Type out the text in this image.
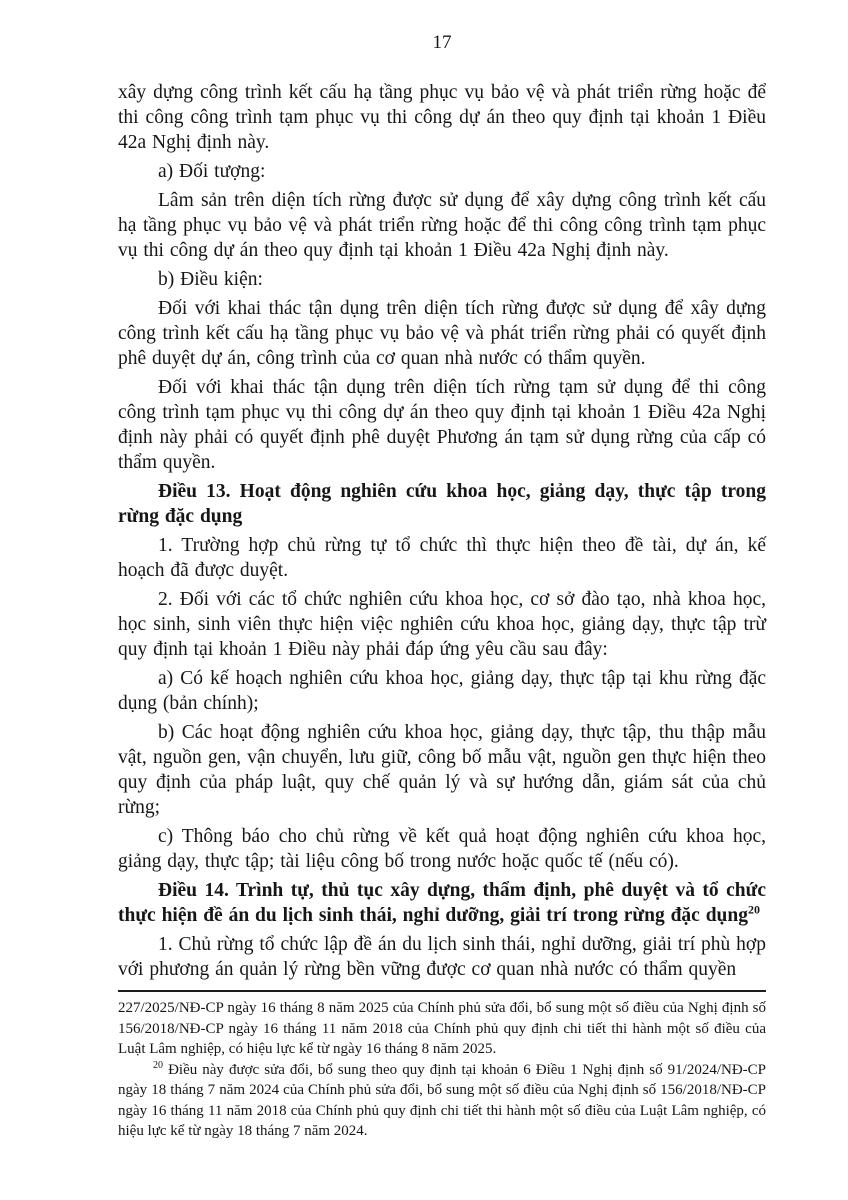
17

xây dựng công trình kết cấu hạ tầng phục vụ bảo vệ và phát triển rừng hoặc để thi công công trình tạm phục vụ thi công dự án theo quy định tại khoản 1 Điều 42a Nghị định này.

a) Đối tượng:

Lâm sản trên diện tích rừng được sử dụng để xây dựng công trình kết cấu hạ tầng phục vụ bảo vệ và phát triển rừng hoặc để thi công công trình tạm phục vụ thi công dự án theo quy định tại khoản 1 Điều 42a Nghị định này.

b) Điều kiện:

Đối với khai thác tận dụng trên diện tích rừng được sử dụng để xây dựng công trình kết cấu hạ tầng phục vụ bảo vệ và phát triển rừng phải có quyết định phê duyệt dự án, công trình của cơ quan nhà nước có thẩm quyền.

Đối với khai thác tận dụng trên diện tích rừng tạm sử dụng để thi công công trình tạm phục vụ thi công dự án theo quy định tại khoản 1 Điều 42a Nghị định này phải có quyết định phê duyệt Phương án tạm sử dụng rừng của cấp có thẩm quyền.

Điều 13. Hoạt động nghiên cứu khoa học, giảng dạy, thực tập trong rừng đặc dụng

1. Trường hợp chủ rừng tự tổ chức thì thực hiện theo đề tài, dự án, kế hoạch đã được duyệt.

2. Đối với các tổ chức nghiên cứu khoa học, cơ sở đào tạo, nhà khoa học, học sinh, sinh viên thực hiện việc nghiên cứu khoa học, giảng dạy, thực tập trừ quy định tại khoản 1 Điều này phải đáp ứng yêu cầu sau đây:

a) Có kế hoạch nghiên cứu khoa học, giảng dạy, thực tập tại khu rừng đặc dụng (bản chính);

b) Các hoạt động nghiên cứu khoa học, giảng dạy, thực tập, thu thập mẫu vật, nguồn gen, vận chuyển, lưu giữ, công bố mẫu vật, nguồn gen thực hiện theo quy định của pháp luật, quy chế quản lý và sự hướng dẫn, giám sát của chủ rừng;

c) Thông báo cho chủ rừng về kết quả hoạt động nghiên cứu khoa học, giảng dạy, thực tập; tài liệu công bố trong nước hoặc quốc tế (nếu có).

Điều 14. Trình tự, thủ tục xây dựng, thẩm định, phê duyệt và tổ chức thực hiện đề án du lịch sinh thái, nghỉ dưỡng, giải trí trong rừng đặc dụng$^{20}$

1. Chủ rừng tổ chức lập đề án du lịch sinh thái, nghỉ dưỡng, giải trí phù hợp với phương án quản lý rừng bền vững được cơ quan nhà nước có thẩm quyền

227/2025/NĐ-CP ngày 16 tháng 8 năm 2025 của Chính phủ sửa đổi, bổ sung một số điều của Nghị định số 156/2018/NĐ-CP ngày 16 tháng 11 năm 2018 của Chính phủ quy định chi tiết thi hành một số điều của Luật Lâm nghiệp, có hiệu lực kể từ ngày 16 tháng 8 năm 2025.

$^{20}$ Điều này được sửa đổi, bổ sung theo quy định tại khoản 6 Điều 1 Nghị định số 91/2024/NĐ-CP ngày 18 tháng 7 năm 2024 của Chính phủ sửa đổi, bổ sung một số điều của Nghị định số 156/2018/NĐ-CP ngày 16 tháng 11 năm 2018 của Chính phủ quy định chi tiết thi hành một số điều của Luật Lâm nghiệp, có hiệu lực kể từ ngày 18 tháng 7 năm 2024.
